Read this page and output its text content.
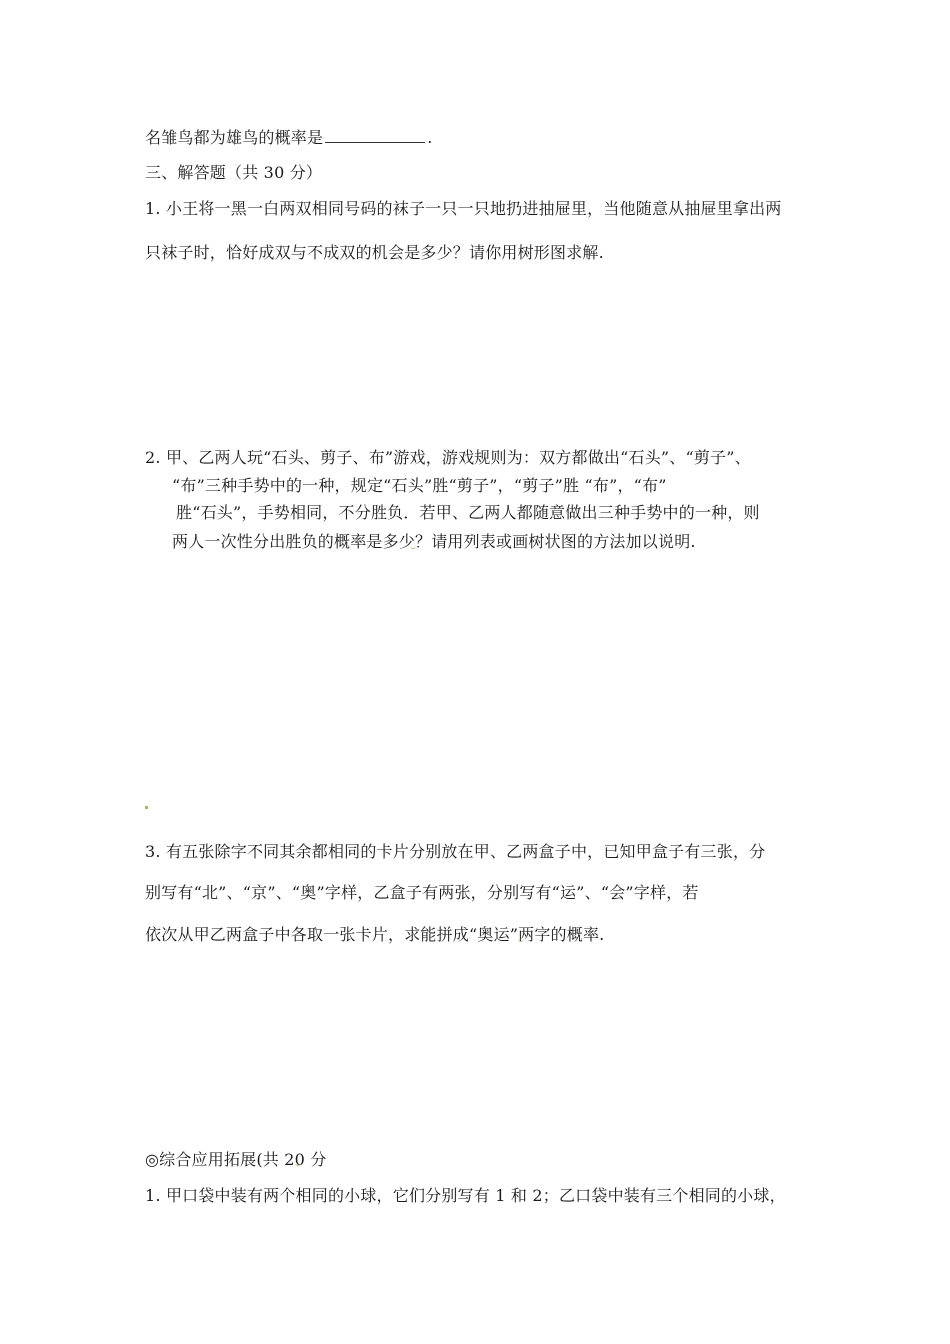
名雏鸟都为雄鸟的概率是	.
三、解答题（共 30 分）
1. 小王将一黑一白两双相同号码的袜子一只一只地扔进抽屉里，当他随意从抽屉里拿出两
只袜子时，恰好成双与不成双的机会是多少？请你用树形图求解.
2. 甲、乙两人玩“石头、剪子、布”游戏，游戏规则为：双方都做出“石头”、“剪子”、
“布”三种手势中的一种，规定“石头”胜“剪子”，“剪子”胜 “布”，“布”
胜“石头”，手势相同，不分胜负．若甲、乙两人都随意做出三种手势中的一种，则
两人一次性分出胜负的概率是多少？请用列表或画树状图的方法加以说明.
3. 有五张除字不同其余都相同的卡片分别放在甲、乙两盒子中，已知甲盒子有三张，分
别写有“北”、“京”、“奥”字样，乙盒子有两张，分别写有“运”、“会”字样，若
依次从甲乙两盒子中各取一张卡片，求能拼成“奥运”两字的概率.
◎综合应用拓展(共 20 分
1. 甲口袋中装有两个相同的小球，它们分别写有 1 和 2；乙口袋中装有三个相同的小球，
